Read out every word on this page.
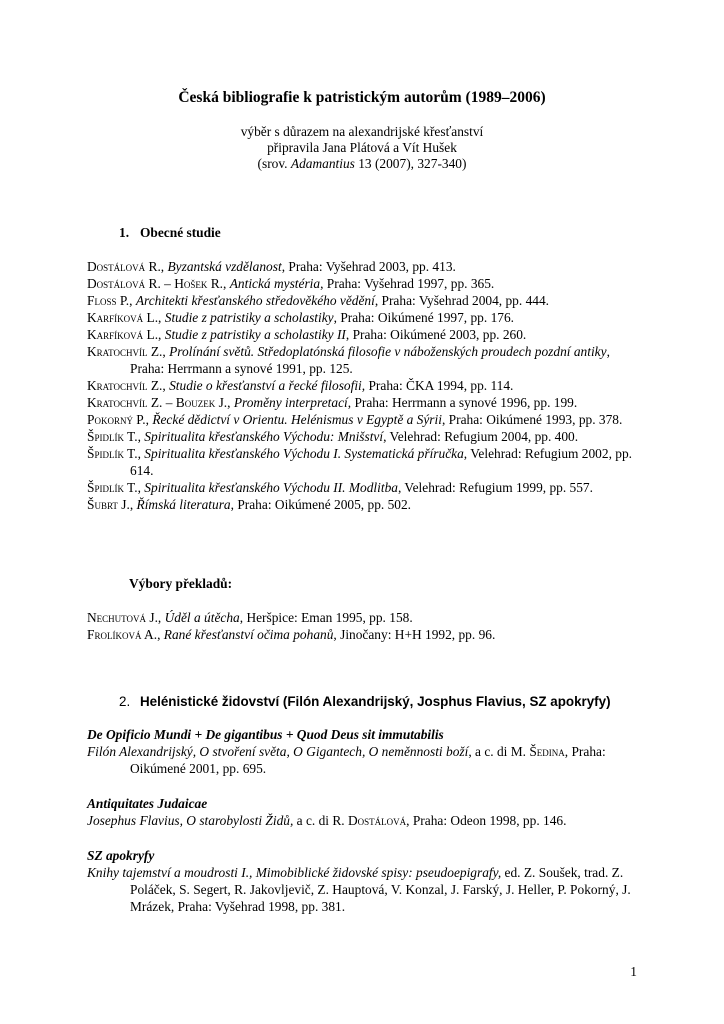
Česká bibliografie k patristickým autorům (1989–2006)
výběr s důrazem na alexandrijské křesťanství
připravila Jana Plátová a Vít Hušek
(srov. Adamantius 13 (2007), 327-340)
1. Obecné studie

Dostálová R., Byzantská vzdělanost, Praha: Vyšehrad 2003, pp. 413.

Dostálová R. – Hošek R., Antická mystéria, Praha: Vyšehrad 1997, pp. 365.

Floss P., Architekti křesťanského středověkého vědění, Praha: Vyšehrad 2004, pp. 444.

Karfíková L., Studie z patristiky a scholastiky, Praha: Oikúmené 1997, pp. 176.

Karfíková L., Studie z patristiky a scholastiky II, Praha: Oikúmené 2003, pp. 260.

Kratochvíl Z., Prolínání světů. Středoplatónská filosofie v náboženských proudech pozdní antiky, Praha: Herrmann a synové 1991, pp. 125.

Kratochvíl Z., Studie o křesťanství a řecké filosofii, Praha: ČKA 1994, pp. 114.

Kratochvíl Z. – Bouzek J., Proměny interpretací, Praha: Herrmann a synové 1996, pp. 199.

Pokorný P., Řecké dědictví v Orientu. Helénismus v Egyptě a Sýrii, Praha: Oikúmené 1993, pp. 378.

Špidlík T., Spiritualita křesťanského Východu: Mnišství, Velehrad: Refugium 2004, pp. 400.

Špidlík T., Spiritualita křesťanského Východu I. Systematická příručka, Velehrad: Refugium 2002, pp. 614.

Špidlík T., Spiritualita křesťanského Východu II. Modlitba, Velehrad: Refugium 1999, pp. 557.

Šubrt J., Římská literatura, Praha: Oikúmené 2005, pp. 502.

Výbory překladů:

Nechutová J., Úděl a útěcha, Heršpice: Eman 1995, pp. 158.

Frolíková A., Rané křesťanství očima pohanů, Jinočany: H+H 1992, pp. 96.

2. Helénistické židovství (Filón Alexandrijský, Josphus Flavius, SZ apokryfy)
De Opificio Mundi + De gigantibus + Quod Deus sit immutabilis

Filón Alexandrijský, O stvoření světa, O Gigantech, O neměnnosti boží, a c. di M. Šedina, Praha: Oikúmené 2001, pp. 695.

Antiquitates Judaicae

Josephus Flavius, O starobylosti Židů, a c. di R. Dostálová, Praha: Odeon 1998, pp. 146.

SZ apokryfy

Knihy tajemství a moudrosti I., Mimobiblické židovské spisy: pseudoepigrafy, ed. Z. Soušek, trad. Z. Poláček, S. Segert, R. Jakovljevič, Z. Hauptová, V. Konzal, J. Farský, J. Heller, P. Pokorný, J. Mrázek, Praha: Vyšehrad 1998, pp. 381.

1
